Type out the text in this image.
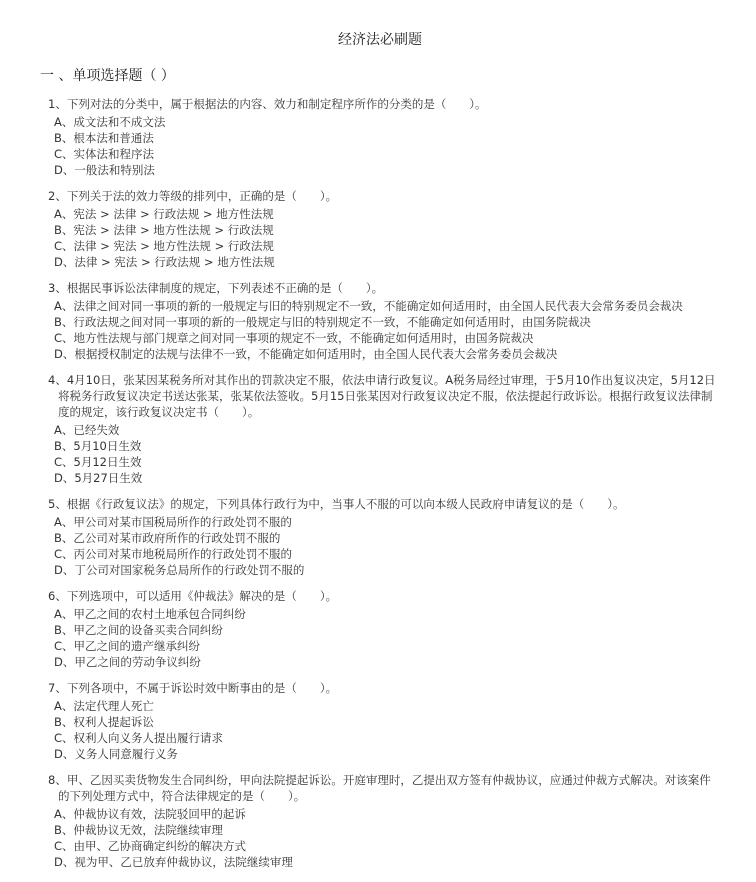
经济法必刷题
一 、单项选择题（ ）
1、下列对法的分类中，属于根据法的内容、效力和制定程序所作的分类的是（　　）。
A、成文法和不成文法
B、根本法和普通法
C、实体法和程序法
D、一般法和特别法
2、下列关于法的效力等级的排列中，正确的是（　　）。
A、宪法 > 法律 > 行政法规 > 地方性法规
B、宪法 > 法律 > 地方性法规 > 行政法规
C、法律 > 宪法 > 地方性法规 > 行政法规
D、法律 > 宪法 > 行政法规 > 地方性法规
3、根据民事诉讼法律制度的规定，下列表述不正确的是（　　）。
A、法律之间对同一事项的新的一般规定与旧的特别规定不一致，不能确定如何适用时，由全国人民代表大会常务委员会裁决
B、行政法规之间对同一事项的新的一般规定与旧的特别规定不一致，不能确定如何适用时，由国务院裁决
C、地方性法规与部门规章之间对同一事项的规定不一致，不能确定如何适用时，由国务院裁决
D、根据授权制定的法规与法律不一致，不能确定如何适用时，由全国人民代表大会常务委员会裁决
4、4月10日，张某因某税务所对其作出的罚款决定不服，依法申请行政复议。A税务局经过审理，于5月10作出复议决定，5月12日将税务行政复议决定书送达张某，张某依法签收。5月15日张某因对行政复议决定不服，依法提起行政诉讼。根据行政复议法律制度的规定，该行政复议决定书（　　）。
A、已经失效
B、5月10日生效
C、5月12日生效
D、5月27日生效
5、根据《行政复议法》的规定，下列具体行政行为中，当事人不服的可以向本级人民政府申请复议的是（　　）。
A、甲公司对某市国税局所作的行政处罚不服的
B、乙公司对某市政府所作的行政处罚不服的
C、丙公司对某市地税局所作的行政处罚不服的
D、丁公司对国家税务总局所作的行政处罚不服的
6、下列选项中，可以适用《仲裁法》解决的是（　　）。
A、甲乙之间的农村土地承包合同纠纷
B、甲乙之间的设备买卖合同纠纷
C、甲乙之间的遗产继承纠纷
D、甲乙之间的劳动争议纠纷
7、下列各项中，不属于诉讼时效中断事由的是（　　）。
A、法定代理人死亡
B、权利人提起诉讼
C、权利人向义务人提出履行请求
D、义务人同意履行义务
8、甲、乙因买卖货物发生合同纠纷，甲向法院提起诉讼。开庭审理时，乙提出双方签有仲裁协议，应通过仲裁方式解决。对该案件的下列处理方式中，符合法律规定的是（　　）。
A、仲裁协议有效，法院驳回甲的起诉
B、仲裁协议无效，法院继续审理
C、由甲、乙协商确定纠纷的解决方式
D、视为甲、乙已放弃仲裁协议，法院继续审理
